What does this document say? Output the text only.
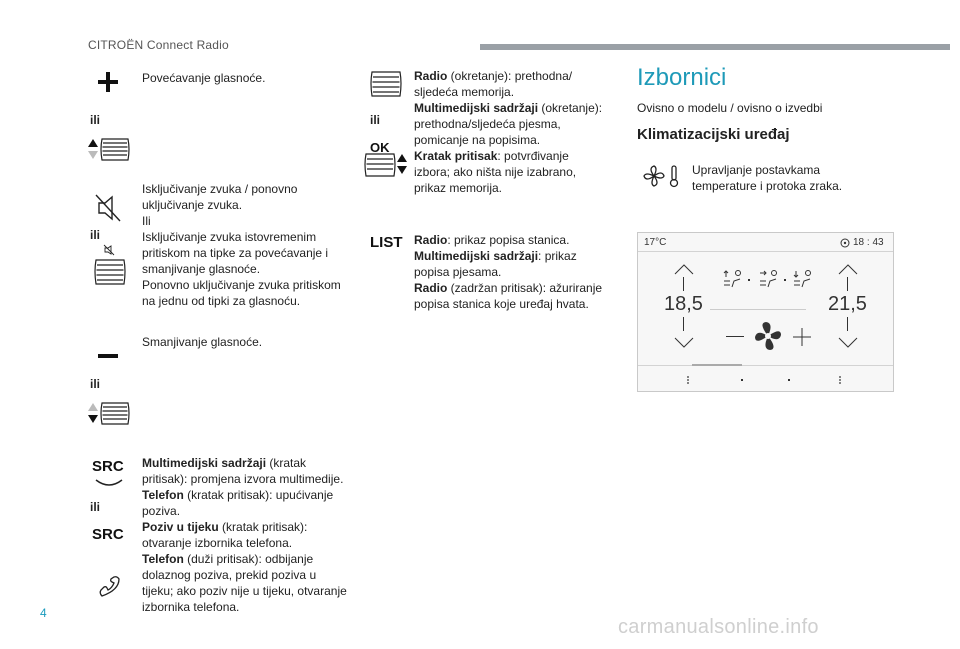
CITROËN Connect Radio
Povećavanje glasnoće.
ili
ili
Isključivanje zvuka / ponovno
uključivanje zvuka.
Ili
Isključivanje zvuka istovremenim
pritiskom na tipke za povećavanje i
smanjivanje glasnoće.
Ponovno uključivanje zvuka pritiskom
na jednu od tipki za glasnoću.
Smanjivanje glasnoće.
ili
SRC
ili
SRC
Multimedijski sadržaji (kratak
pritisak): promjena izvora multimedije.
Telefon (kratak pritisak): upućivanje
poziva.
Poziv u tijeku (kratak pritisak):
otvaranje izbornika telefona.
Telefon (duži pritisak): odbijanje
dolaznog poziva, prekid poziva u
tijeku; ako poziv nije u tijeku, otvaranje
izbornika telefona.
ili
OK
Radio (okretanje): prethodna/
sljedeća memorija.
Multimedijski sadržaji (okretanje):
prethodna/sljedeća pjesma,
pomicanje na popisima.
Kratak pritisak: potvrđivanje
izbora; ako ništa nije izabrano,
prikaz memorija.
LIST Radio: prikaz popisa stanica.
Multimedijski sadržaji: prikaz
popisa pjesama.
Radio (zadržan pritisak): ažuriranje
popisa stanica koje uređaj hvata.
Izbornici
Ovisno o modelu / ovisno o izvedbi
Klimatizacijski uređaj
Upravljanje postavkama
temperature i protoka zraka.
17°C	18 : 43
18,5	21,5
4
carmanualsonline.info
